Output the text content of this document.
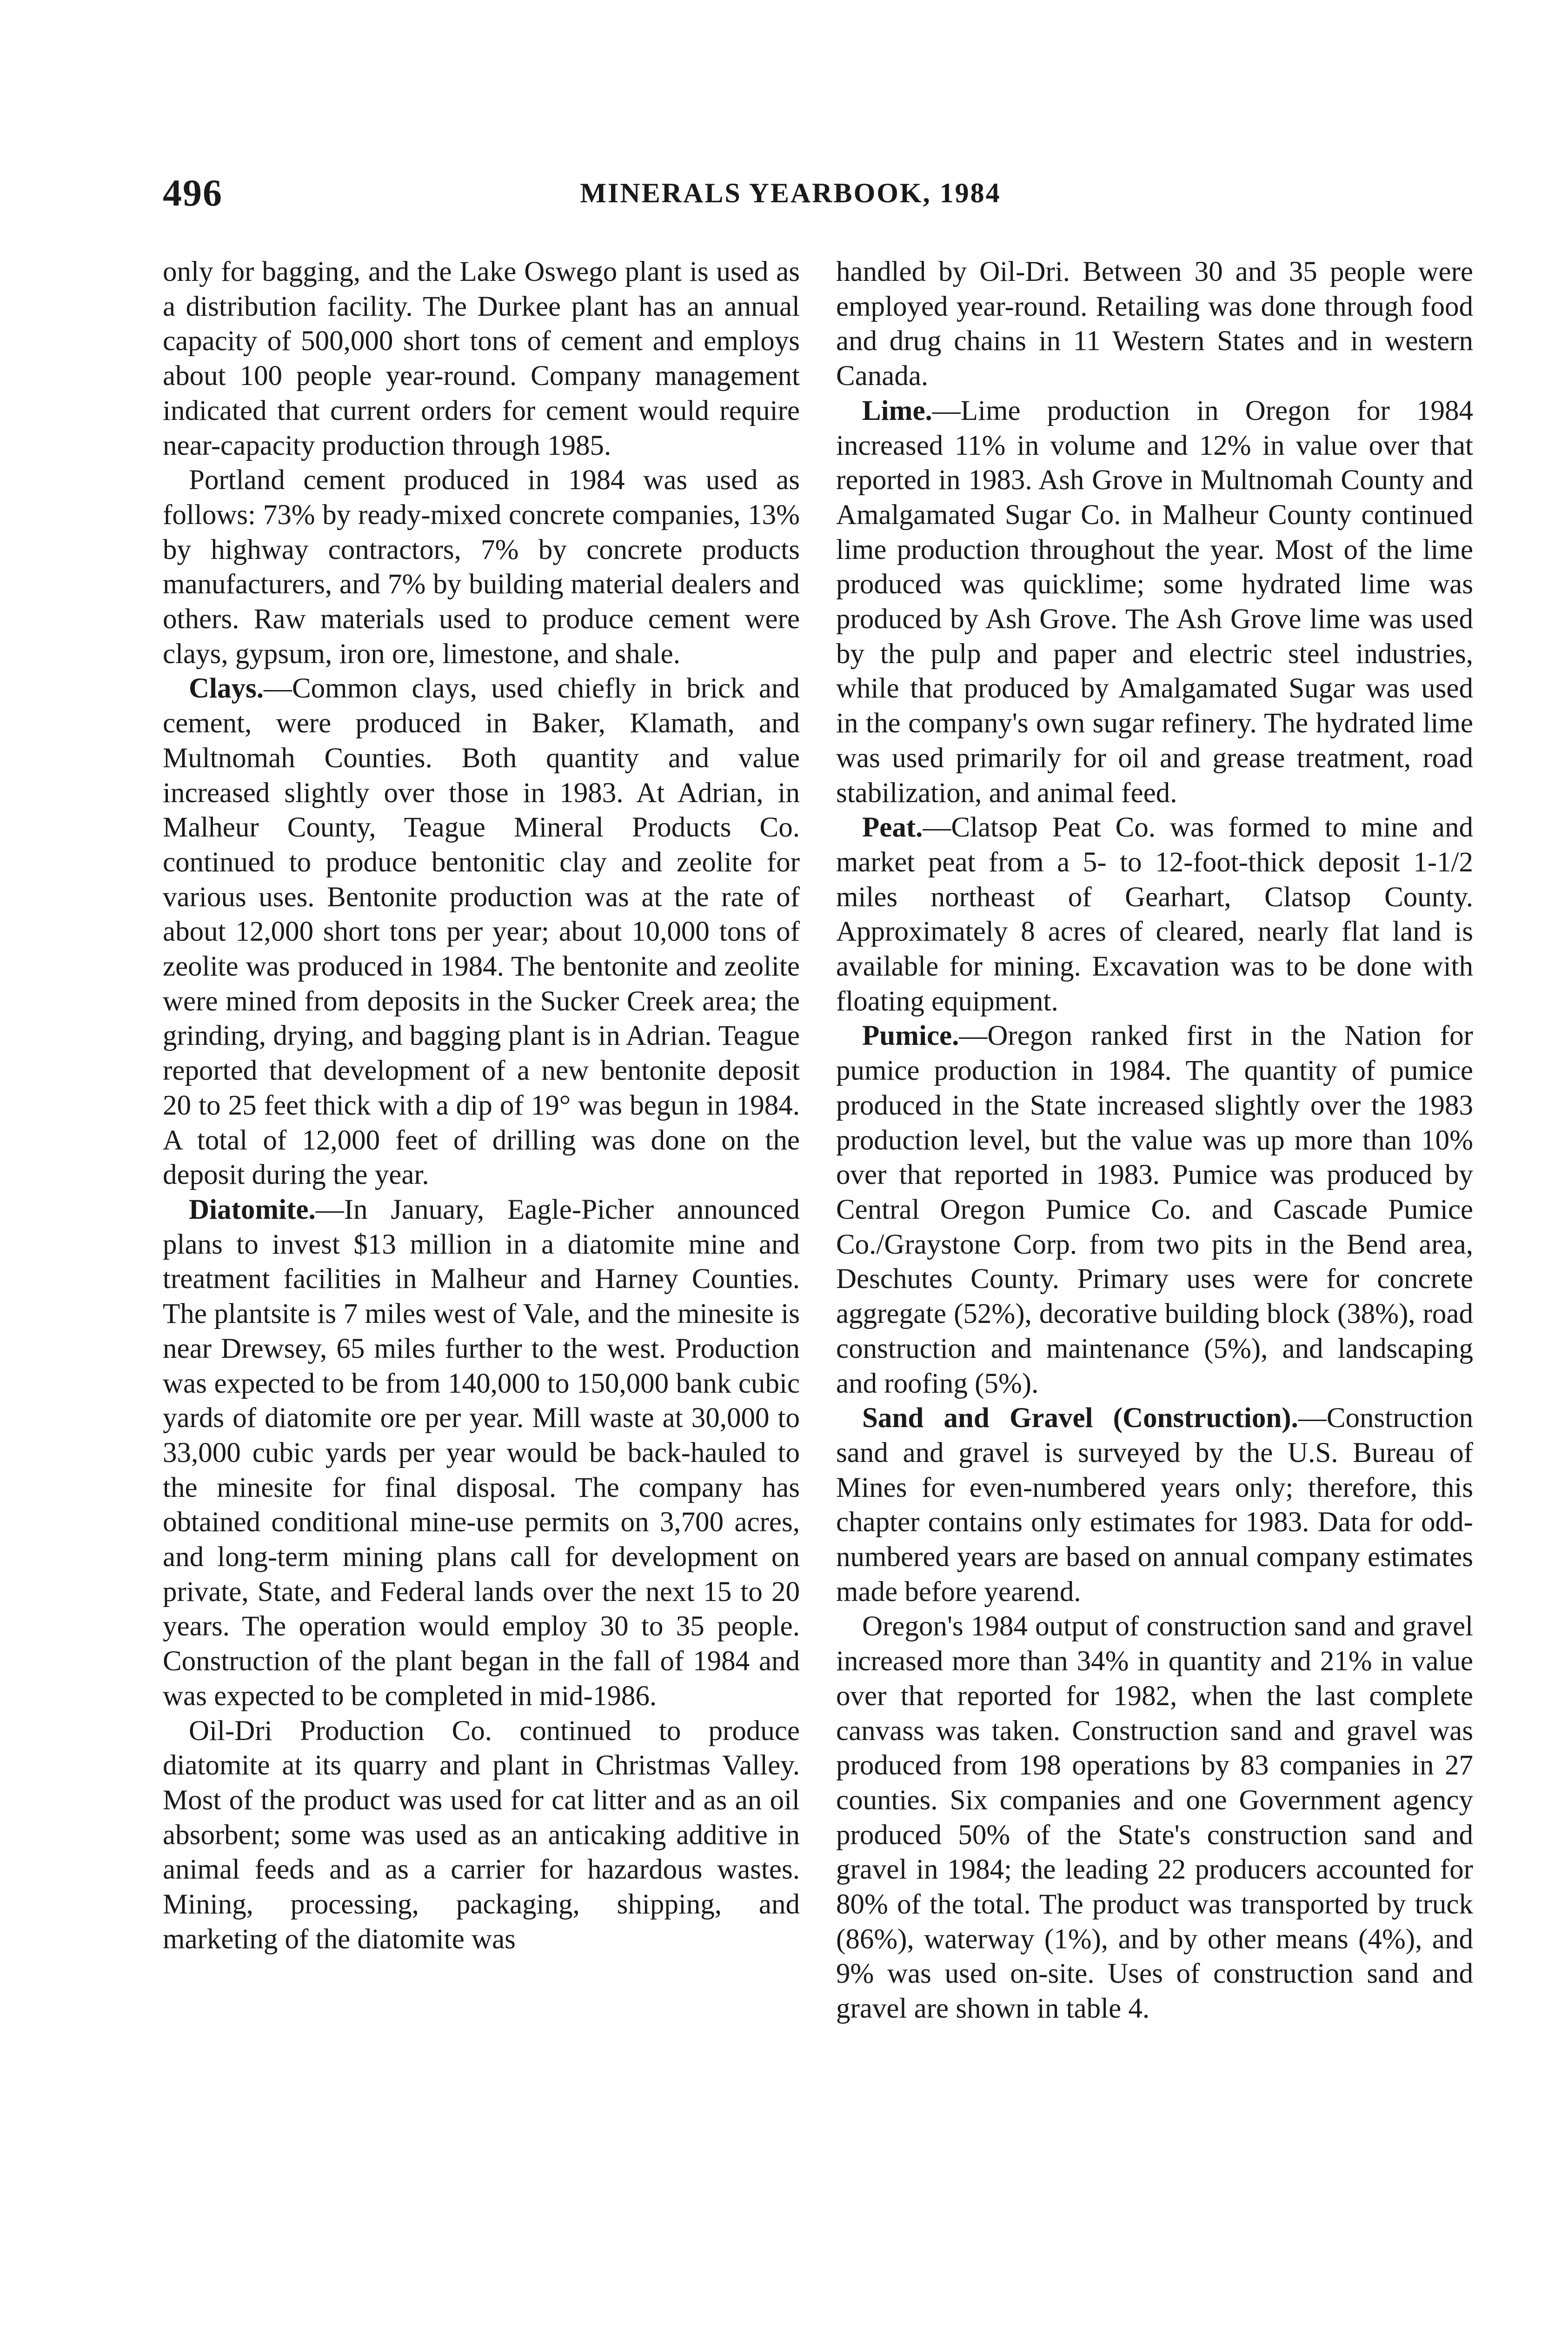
496	MINERALS YEARBOOK, 1984

only for bagging, and the Lake Oswego plant is used as a distribution facility. The Durkee plant has an annual capacity of 500,000 short tons of cement and employs about 100 people year-round. Company management indicated that current orders for cement would require near-capacity production through 1985.

Portland cement produced in 1984 was used as follows: 73% by ready-mixed concrete companies, 13% by highway contractors, 7% by concrete products manufacturers, and 7% by building material dealers and others. Raw materials used to produce cement were clays, gypsum, iron ore, limestone, and shale.

Clays.—Common clays, used chiefly in brick and cement, were produced in Baker, Klamath, and Multnomah Counties. Both quantity and value increased slightly over those in 1983. At Adrian, in Malheur County, Teague Mineral Products Co. continued to produce bentonitic clay and zeolite for various uses. Bentonite production was at the rate of about 12,000 short tons per year; about 10,000 tons of zeolite was produced in 1984. The bentonite and zeolite were mined from deposits in the Sucker Creek area; the grinding, drying, and bagging plant is in Adrian. Teague reported that development of a new bentonite deposit 20 to 25 feet thick with a dip of 19° was begun in 1984. A total of 12,000 feet of drilling was done on the deposit during the year.

Diatomite.—In January, Eagle-Picher announced plans to invest $13 million in a diatomite mine and treatment facilities in Malheur and Harney Counties. The plantsite is 7 miles west of Vale, and the minesite is near Drewsey, 65 miles further to the west. Production was expected to be from 140,000 to 150,000 bank cubic yards of diatomite ore per year. Mill waste at 30,000 to 33,000 cubic yards per year would be back-hauled to the minesite for final disposal. The company has obtained conditional mine-use permits on 3,700 acres, and long-term mining plans call for development on private, State, and Federal lands over the next 15 to 20 years. The operation would employ 30 to 35 people. Construction of the plant began in the fall of 1984 and was expected to be completed in mid-1986.

Oil-Dri Production Co. continued to produce diatomite at its quarry and plant in Christmas Valley. Most of the product was used for cat litter and as an oil absorbent; some was used as an anticaking additive in animal feeds and as a carrier for hazardous wastes. Mining, processing, packaging, shipping, and marketing of the diatomite was

handled by Oil-Dri. Between 30 and 35 people were employed year-round. Retailing was done through food and drug chains in 11 Western States and in western Canada.

Lime.—Lime production in Oregon for 1984 increased 11% in volume and 12% in value over that reported in 1983. Ash Grove in Multnomah County and Amalgamated Sugar Co. in Malheur County continued lime production throughout the year. Most of the lime produced was quicklime; some hydrated lime was produced by Ash Grove. The Ash Grove lime was used by the pulp and paper and electric steel industries, while that produced by Amalgamated Sugar was used in the company's own sugar refinery. The hydrated lime was used primarily for oil and grease treatment, road stabilization, and animal feed.

Peat.—Clatsop Peat Co. was formed to mine and market peat from a 5- to 12-foot-thick deposit 1-1/2 miles northeast of Gearhart, Clatsop County. Approximately 8 acres of cleared, nearly flat land is available for mining. Excavation was to be done with floating equipment.

Pumice.—Oregon ranked first in the Nation for pumice production in 1984. The quantity of pumice produced in the State increased slightly over the 1983 production level, but the value was up more than 10% over that reported in 1983. Pumice was produced by Central Oregon Pumice Co. and Cascade Pumice Co./Graystone Corp. from two pits in the Bend area, Deschutes County. Primary uses were for concrete aggregate (52%), decorative building block (38%), road construction and maintenance (5%), and landscaping and roofing (5%).

Sand and Gravel (Construction).—Construction sand and gravel is surveyed by the U.S. Bureau of Mines for even-numbered years only; therefore, this chapter contains only estimates for 1983. Data for odd-numbered years are based on annual company estimates made before yearend.

Oregon's 1984 output of construction sand and gravel increased more than 34% in quantity and 21% in value over that reported for 1982, when the last complete canvass was taken. Construction sand and gravel was produced from 198 operations by 83 companies in 27 counties. Six companies and one Government agency produced 50% of the State's construction sand and gravel in 1984; the leading 22 producers accounted for 80% of the total. The product was transported by truck (86%), waterway (1%), and by other means (4%), and 9% was used on-site. Uses of construction sand and gravel are shown in table 4.
